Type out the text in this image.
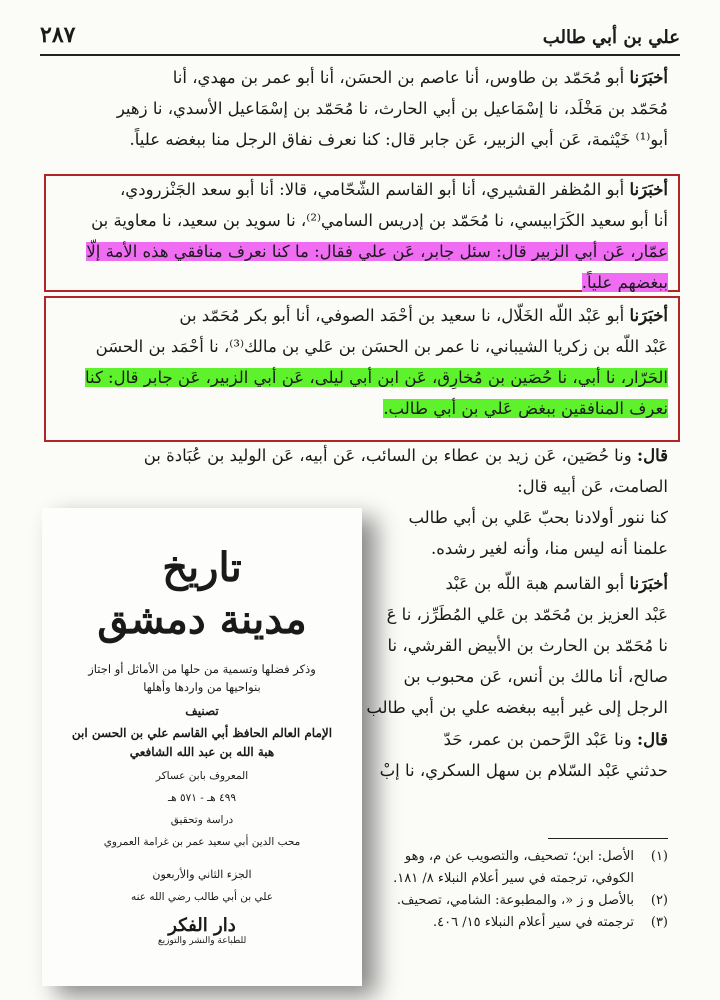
٢٨٧	علي بن أبي طالب
أخبَرَنا أبو مُحَمّد بن طاوس، أنا عاصم بن الحسَن، أنا أبو عمر بن مهدي، أنا
مُحَمّد بن مَخْلَد، نا إسْمَاعيل بن أبي الحارث، نا مُحَمّد بن إسْمَاعيل الأسدي، نا زهير
أبو⁽¹⁾ خَيْثمة، عَن أبي الزبير، عَن جابر قال: كنا نعرف نفاق الرجل منا ببغضه علياً.
أخبَرَنا أبو المُظفر القشيري، أنا أبو القاسم الشّحّامي، قالا: أنا أبو سعد الجَنْزرودي،
أنا أبو سعيد الكَرَابيسي، نا مُحَمّد بن إدريس السامي⁽²⁾، نا سويد بن سعيد، نا معاوية بن
عمّار، عَن أبي الزبير قال: سئل جابر، عَن علي فقال: ما كنا نعرف منافقي هذه الأمة إلّا
ببغضهم علياً.
أخبَرَنا أبو عَبْد اللّه الخَلّال، نا سعيد بن أحْمَد الصوفي، أنا أبو بكر مُحَمّد بن
عَبْد اللّه بن زكريا الشيباني، نا عمر بن الحسَن بن عَلي بن مالك⁽³⁾، نا أحْمَد بن الحسَن
الحَرّار، نا أبي، نا حُصَين بن مُخارِق، عَن ابن أبي ليلى، عَن أبي الزبير، عَن جابر قال: كنا
نعرف المنافقين ببغض عَلي بن أبي طالب.
قال: ونا حُصَين، عَن زيد بن عطاء بن السائب، عَن أبيه، عَن الوليد بن عُبَادة بن
الصامت، عَن أبيه قال:
كنا ننور أولادنا بحبّ عَلي بن أبي طالب
علمنا أنه ليس منا، وأنه لغير رشده.
أخبَرَنا أبو القاسم هبة اللّه بن عَبْد
عَبْد العزيز بن مُحَمّد بن عَلي المُطَرِّز، نا عَ
نا مُحَمّد بن الحارث بن الأبيض القرشي، نا
صالح، أنا مالك بن أنس، عَن محبوب بن
الرجل إلى غير أبيه ببغضه علي بن أبي طالب
قال: ونا عَبْد الرَّحمن بن عمر، حَدّ
حدثني عَبْد السّلام بن سهل السكري، نا إبْ
(١)الأصل: ابن؛ تصحيف، والتصويب عن م، وهو
الكوفي، ترجمته في سير أعلام النبلاء ٨/ ١٨١.
(٢)بالأصل و ز «، والمطبوعة: الشامي، تصحيف.
(٣)ترجمته في سير أعلام النبلاء ١٥/ ٤٠٦.
تاريخ
مدينة دمشق
وذكر فضلها وتسمية من حلها من الأماثل أو اجتاز بنواحيها من واردها وأهلها
تصنيف
الإمام العالم الحافظ أبي القاسم علي بن الحسن ابن هبة الله بن عبد الله الشافعي
المعروف بابن عساكر
٤٩٩ هـ - ٥٧١ هـ
دراسة وتحقيق
محب الدين أبي سعيد عمر بن غرامة العمروي
الجزء الثاني والأربعون
علي بن أبي طالب رضي الله عنه
دار الفكر
للطباعة والنشر والتوزيع
